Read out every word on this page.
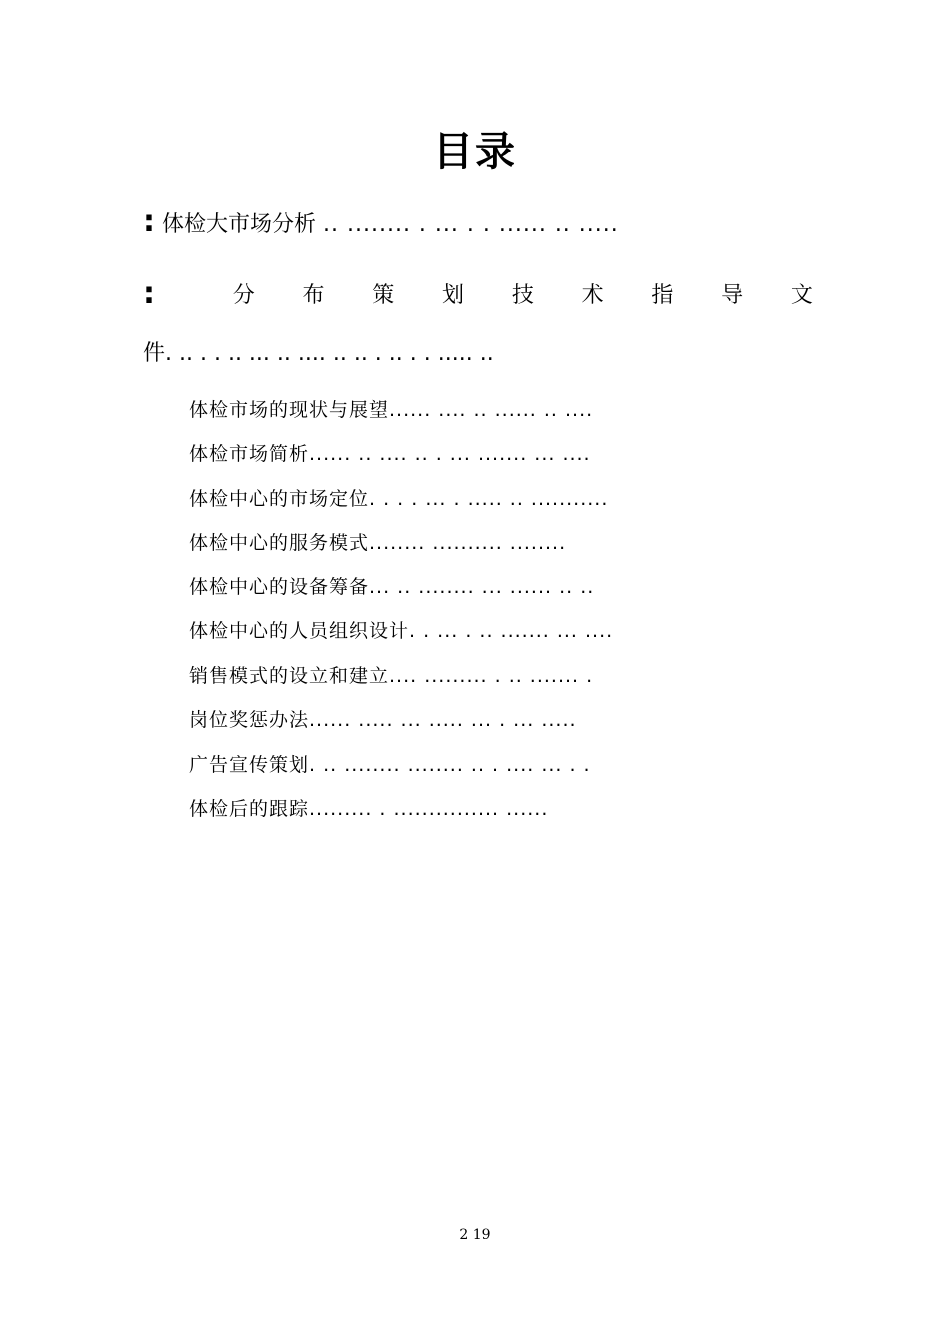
目录
: 体检大市场分析 .. ........ . ... . . ...... .. .....
:	分 布 策 划 技 术 指 导 文
件. .. . . .. ... .. .... .. .. . .. . . ..... ..
体检市场的现状与展望...... .... .. ...... .. ....
体检市场简析...... .. .... .. . ... ....... ... ....
体检中心的市场定位. . . . ... . ..... .. ...........
体检中心的服务模式........ .......... ........
体检中心的设备筹备... .. ........ ... ...... .. ..
体检中心的人员组织设计. . ... . .. ....... ... ....
销售模式的设立和建立.... ......... . .. ....... .
岗位奖惩办法...... ..... ... ..... ... . ... .....
广告宣传策划. .. ........ ........ .. . .... ... . .
体检后的跟踪......... . ............... ......
2 19
